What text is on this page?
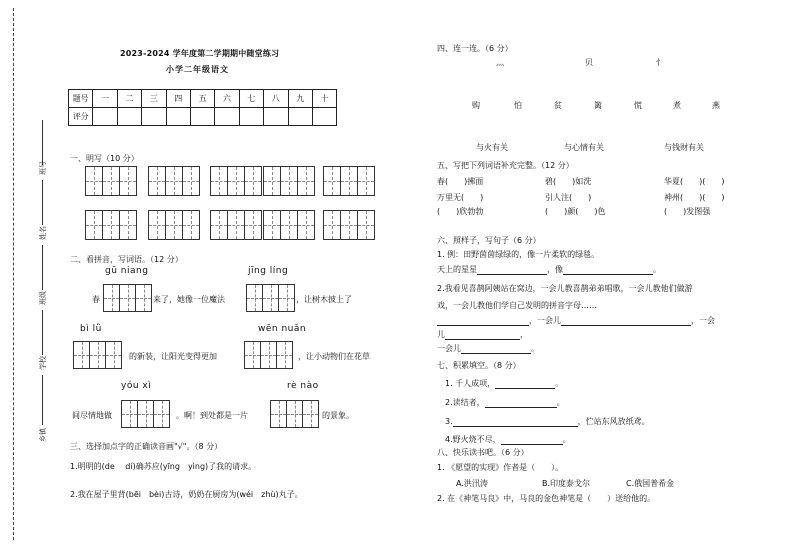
班号
姓名
班级
学校
乡镇
2023-2024 学年度第二学期期中随堂练习
小学二年级语文
题号	一	二	三	四	五	六	七	八	九	十
评分										
一、明写（10 分）
二、看拼音，写词语。（12 分）
gū niang	jīng líng
春	来了，她像一位魔法	，让树木披上了
bì lǜ	wēn nuǎn
的新装，让阳光变得更加	，让小动物们在花草
yóu xì	rè nào
间尽情地做	。啊！到处都是一片	的景象。
三、选择加点字的正确读音画"√"。（8 分）
1.明明的(de　 dí)确苏应(yīng　yìng)了我的请求。
2.我在屋子里背(bēi　bèi)古诗，奶奶在厨房为(wéi　zhù)丸子。
四、连一连。（6 分）
灬	贝	忄
购	怕	贫	篱	慌	煮	燕
与火有关	与心情有关	与钱财有关
五、写把下列词语补充完整。（12 分）
春(　　)拂面	碧(　　)如洗	华夏(　　)(　　)
万里无(　　)	引人注(　　)	神州(　　)(　　)
(　　)欣勃勃	(　　)颜(　　)色	(　　)发图强
六、照样子，写句子（6 分）
1. 例：田野茵茵绿绿的，像一片柔软的绿毯。
天上的星星	，像	。
2.我看见喜鹊阿姨站在窝边，一会儿教喜鹊弟弟唱歌，一会儿教他们做游
戏，一会儿教他们学自己发明的拼音字母……
，一会儿	，一会
儿	，
一会儿	。
七、积累填空。（8 分）
1. 千人成项，	。
2.读结者，	。
3.	，伫站东风放纸鸢。
4.野火烧不尽，	。
八、快乐读书吧。（6 分）
1. 《愿望的实现》作者是（　　）。
A.洪汛涛	B.印度泰戈尔	C.俄国普希金
2. 在《神笔马良》中，马良的金色神笔是（　　）送给他的。
